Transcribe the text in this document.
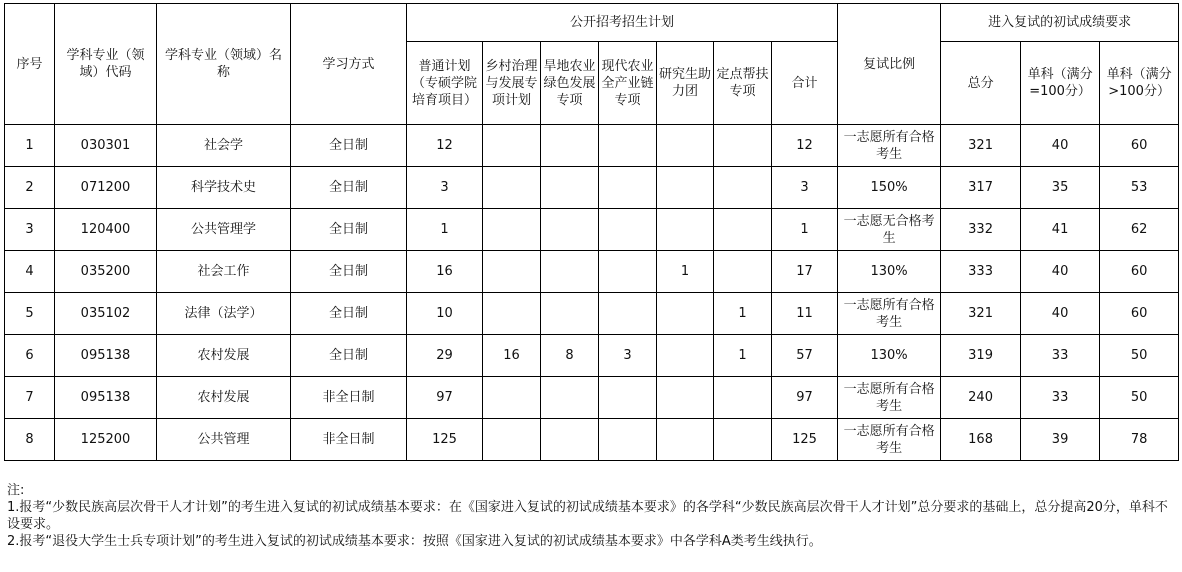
序号	学科专业（领域）代码	学科专业（领域）名称	学习方式	公开招考招生计划							复试比例	进入复试的初试成绩要求		
				普通计划（专硕学院培育项目）	乡村治理与发展专项计划	旱地农业绿色发展专项	现代农业全产业链专项	研究生助力团	定点帮扶专项	合计		总分	单科（满分=100分）	单科（满分>100分）
1	030301	社会学	全日制	12						12	一志愿所有合格考生	321	40	60
2	071200	科学技术史	全日制	3						3	150%	317	35	53
3	120400	公共管理学	全日制	1						1	一志愿无合格考生	332	41	62
4	035200	社会工作	全日制	16				1		17	130%	333	40	60
5	035102	法律（法学）	全日制	10					1	11	一志愿所有合格考生	321	40	60
6	095138	农村发展	全日制	29	16	8	3		1	57	130%	319	33	50
7	095138	农村发展	非全日制	97						97	一志愿所有合格考生	240	33	50
8	125200	公共管理	非全日制	125						125	一志愿所有合格考生	168	39	78
注:
1.报考“少数民族高层次骨干人才计划”的考生进入复试的初试成绩基本要求：在《国家进入复试的初试成绩基本要求》的各学科“少数民族高层次骨干人才计划”总分要求的基础上，总分提高20分，单科不设要求。
2.报考“退役大学生士兵专项计划”的考生进入复试的初试成绩基本要求：按照《国家进入复试的初试成绩基本要求》中各学科A类考生线执行。
